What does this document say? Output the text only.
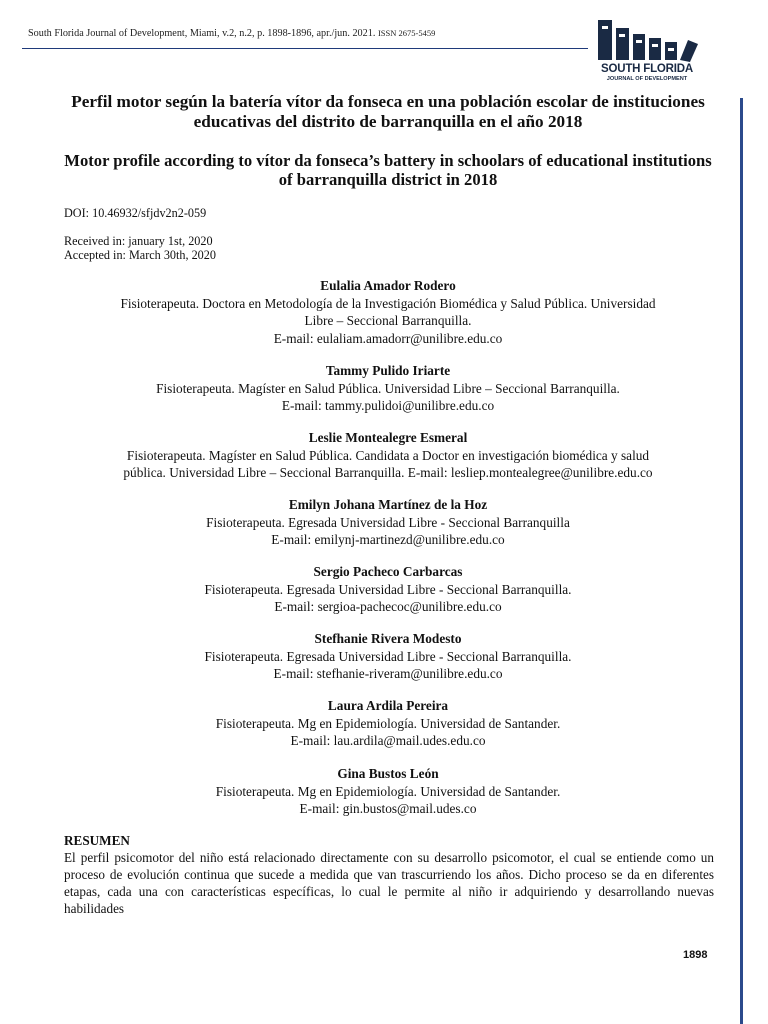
South Florida Journal of Development, Miami, v.2, n.2, p. 1898-1896, apr./jun. 2021. ISSN 2675-5459
SOUTH FLORIDA
JOURNAL OF DEVELOPMENT
Perfil motor según la batería vítor da fonseca en una población escolar de instituciones educativas del distrito de barranquilla en el año 2018
Motor profile according to vítor da fonseca’s battery in schoolars of educational institutions of barranquilla district in 2018
DOI: 10.46932/sfjdv2n2-059
Received in: january 1st, 2020
Accepted in: March 30th, 2020
Eulalia Amador Rodero
Fisioterapeuta. Doctora en Metodología de la Investigación Biomédica y Salud Pública. Universidad
Libre – Seccional Barranquilla.
E-mail: eulaliam.amadorr@unilibre.edu.co
Tammy Pulido Iriarte
Fisioterapeuta. Magíster en Salud Pública. Universidad Libre – Seccional Barranquilla.
E-mail: tammy.pulidoi@unilibre.edu.co
Leslie Montealegre Esmeral
Fisioterapeuta. Magíster en Salud Pública. Candidata a Doctor en investigación biomédica y salud
pública. Universidad Libre – Seccional Barranquilla. E-mail: lesliep.montealegree@unilibre.edu.co
Emilyn Johana Martínez de la Hoz
Fisioterapeuta. Egresada Universidad Libre - Seccional Barranquilla
E-mail: emilynj-martinezd@unilibre.edu.co
Sergio Pacheco Carbarcas
Fisioterapeuta. Egresada Universidad Libre - Seccional Barranquilla.
E-mail: sergioa-pachecoc@unilibre.edu.co
Stefhanie Rivera Modesto
Fisioterapeuta. Egresada Universidad Libre - Seccional Barranquilla.
E-mail: stefhanie-riveram@unilibre.edu.co
Laura Ardila Pereira
Fisioterapeuta. Mg en Epidemiología. Universidad de Santander.
E-mail: lau.ardila@mail.udes.edu.co
Gina Bustos León
Fisioterapeuta. Mg en Epidemiología. Universidad de Santander.
E-mail: gin.bustos@mail.udes.co
RESUMEN
El perfil psicomotor del niño está relacionado directamente con su desarrollo psicomotor, el cual se entiende como un proceso de evolución continua que sucede a medida que van trascurriendo los años. Dicho proceso se da en diferentes etapas, cada una con características específicas, lo cual le permite al niño ir adquiriendo y desarrollando nuevas habilidades
1898
